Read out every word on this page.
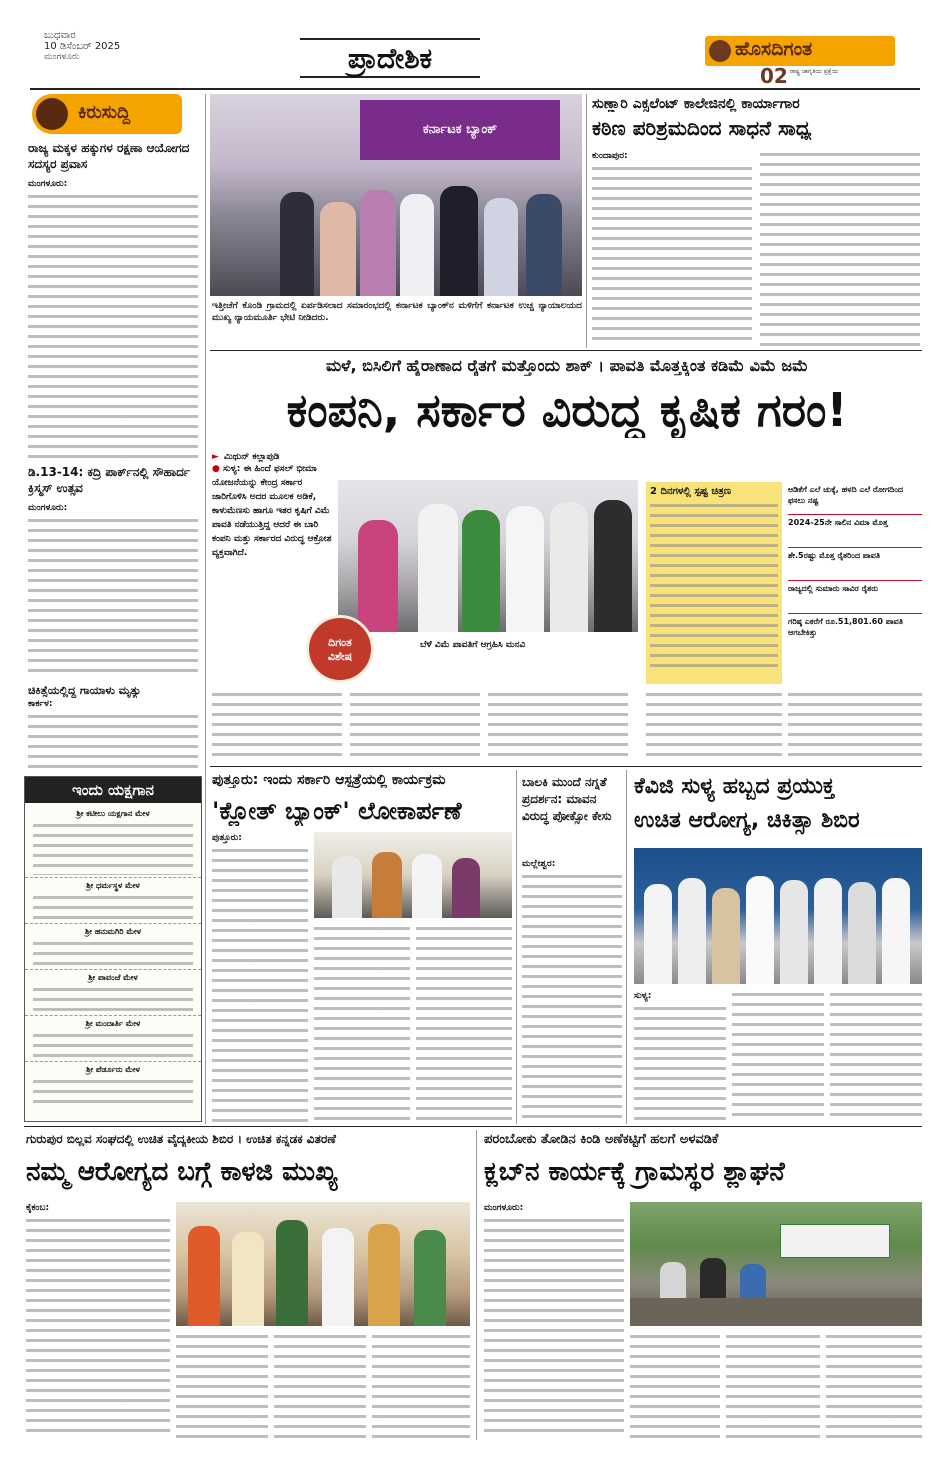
ಬುಧವಾರ
10 ಡಿಸೆಂಬರ್ 2025
ಮಂಗಳೂರು	ಪ್ರಾದೇಶಿಕ	ಹೊಸದಿಗಂತ
ರಾಷ್ಟ್ರ ಜಾಗೃತಿಯ ಪ್ರಕ್ಷೆಯ
02
ಕಿರುಸುದ್ದಿ
ರಾಜ್ಯ ಮಕ್ಕಳ ಹಕ್ಕುಗಳ ರಕ್ಷಣಾ ಆಯೋಗದ ಸದಸ್ಯರ ಪ್ರವಾಸ
ಮಂಗಳೂರು:
ಡಿ.13-14: ಕದ್ರಿ ಪಾರ್ಕ್‌ನಲ್ಲಿ ಸೌಹಾರ್ದ ಕ್ರಿಸ್ಮಸ್ ಉತ್ಸವ
ಮಂಗಳೂರು:
ಚಿಕಿತ್ಸೆಯಲ್ಲಿದ್ದ ಗಾಯಾಳು ಮೃತ್ಯು
ಕಾರ್ಕಳ:
ಕರ್ನಾಟಕ ಬ್ಯಾಂಕ್
ಇತ್ತೀಚೆಗೆ ಕೊಂಡಿ ಗ್ರಾಮದಲ್ಲಿ ಏರ್ಪಡಿಸಲಾದ ಸಮಾರಂಭದಲ್ಲಿ ಕರ್ನಾಟಕ ಬ್ಯಾಂಕ್‌ನ ಮಳಿಗೆಗೆ ಕರ್ನಾಟಕ ಉಚ್ಚ ನ್ಯಾಯಾಲಯದ ಮುಖ್ಯ ನ್ಯಾಯಮೂರ್ತಿ ಭೇಟಿ ನೀಡಿದರು.
ಸುಣ್ಣಾರಿ ಎಕ್ಸಲೆಂಟ್ ಕಾಲೇಜಿನಲ್ಲಿ ಕಾರ್ಯಾಗಾರ
ಕಠಿಣ ಪರಿಶ್ರಮದಿಂದ ಸಾಧನೆ ಸಾಧ್ಯ
ಕುಂದಾಪುರ:
ಮಳೆ, ಬಿಸಿಲಿಗೆ ಹೈರಾಣಾದ ರೈತಗೆ ಮತ್ತೊಂದು ಶಾಕ್ । ಪಾವತಿ ಮೊತ್ತಕ್ಕಿಂತ ಕಡಿಮೆ ವಿಮೆ ಜಮೆ
ಕಂಪನಿ, ಸರ್ಕಾರ ವಿರುದ್ಧ ಕೃಷಿಕ ಗರಂ!
► ಮಿಥುನ್ ಕಲ್ಲಾಪುಡಿ
● ಸುಳ್ಯ: ಈ ಹಿಂದೆ ಫಸಲ್ ಭೀಮಾ ಯೋಜನೆಯನ್ನು ಕೇಂದ್ರ ಸರ್ಕಾರ ಜಾರಿಗೊಳಿಸಿ ಅದರ ಮೂಲಕ ಅಡಿಕೆ, ಕಾಳುಮೆಣಸು ಹಾಗೂ ಇತರ ಕೃಷಿಗೆ ವಿಮೆ ಪಾವತಿ ನಡೆಯುತ್ತಿದ್ದ ಆದರೆ ಈ ಬಾರಿ ಕಂಪನಿ ಮತ್ತು ಸರ್ಕಾರದ ವಿರುದ್ಧ ಆಕ್ರೋಶ ವ್ಯಕ್ತವಾಗಿದೆ.
ಬೆಳೆ ವಿಮೆ ಪಾವತಿಗೆ ಆಗ್ರಹಿಸಿ ಮನವಿ
ದಿಗಂತ ವಿಶೇಷ
2 ದಿನಗಳಲ್ಲಿ ಸ್ಪಷ್ಟ ಚಿತ್ರಣ	ಅಡಿಕೆಗೆ ಎಲೆ ಚುಕ್ಕೆ, ಹಳದಿ ಎಲೆ ರೋಗದಿಂದ ಫಸಲು ನಷ್ಟ
2024-25ನೇ ಸಾಲಿನ ವಿಮಾ ಮೊತ್ತ
ಶೇ.5ರಷ್ಟು ಮೊತ್ತ ರೈತರಿಂದ ಪಾವತಿ
ರಾಜ್ಯದಲ್ಲಿ ಸುಮಾರು ಸಾವಿರ ರೈತರು
ಗರಿಷ್ಠ ಎಕರೆಗೆ ರೂ.51,801.60 ಪಾವತಿ ಆಗಬೇಕಿತ್ತು
ಇಂದು ಯಕ್ಷಗಾನ
ಶ್ರೀ ಕಟೀಲು ಯಕ್ಷಗಾನ ಮೇಳ
ಶ್ರೀ ಧರ್ಮಸ್ಥಳ ಮೇಳ
ಶ್ರೀ ಹನುಮಗಿರಿ ಮೇಳ
ಶ್ರೀ ಪಾವಂಜೆ ಮೇಳ
ಶ್ರೀ ಮಂದಾರ್ತಿ ಮೇಳ
ಶ್ರೀ ಪೆರ್ಡೂರು ಮೇಳ
ಪುತ್ತೂರು: ಇಂದು ಸರ್ಕಾರಿ ಆಸ್ಪತ್ರೆಯಲ್ಲಿ ಕಾರ್ಯಕ್ರಮ
'ಕ್ಲೋತ್ ಬ್ಯಾಂಕ್' ಲೋಕಾರ್ಪಣೆ
ಪುತ್ತೂರು:
ಬಾಲಕಿ ಮುಂದೆ ನಗ್ನತೆ ಪ್ರದರ್ಶನ: ಮಾವನ ವಿರುದ್ಧ ಪೋಕ್ಸೋ ಕೇಸು
ಮಲ್ಲೇಶ್ವರ:
ಕೆವಿಜಿ ಸುಳ್ಯ ಹಬ್ಬದ ಪ್ರಯುಕ್ತ
ಉಚಿತ ಆರೋಗ್ಯ, ಚಿಕಿತ್ಸಾ ಶಿಬಿರ
ಸುಳ್ಯ:
ಗುರುಪುರ ಬಿಲ್ಲವ ಸಂಘದಲ್ಲಿ ಉಚಿತ ವೈದ್ಯಕೀಯ ಶಿಬಿರ । ಉಚಿತ ಕನ್ನಡಕ ವಿತರಣೆ
ನಮ್ಮ ಆರೋಗ್ಯದ ಬಗ್ಗೆ ಕಾಳಜಿ ಮುಖ್ಯ
ಕೈಕಂಬ:
ಪರಂಬೋಕು ತೋಡಿನ ಕಿಂಡಿ ಅಣೆಕಟ್ಟಿಗೆ ಹಲಗೆ ಅಳವಡಿಕೆ
ಕ್ಲಬ್‌ನ ಕಾರ್ಯಕ್ಕೆ ಗ್ರಾಮಸ್ಥರ ಶ್ಲಾಘನೆ
ಮಂಗಳೂರು:
